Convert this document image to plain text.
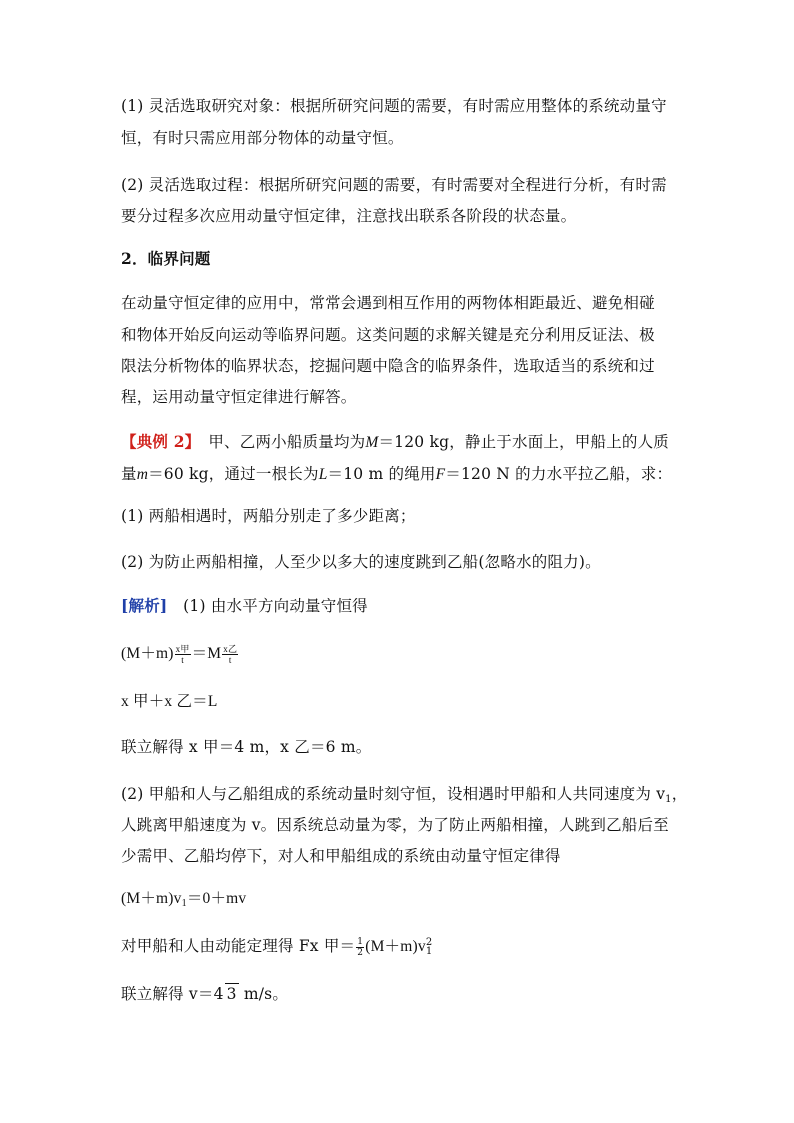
(1) 灵活选取研究对象：根据所研究问题的需要，有时需应用整体的系统动量守
恒，有时只需应用部分物体的动量守恒。
(2) 灵活选取过程：根据所研究问题的需要，有时需要对全程进行分析，有时需
要分过程多次应用动量守恒定律，注意找出联系各阶段的状态量。
2．临界问题
在动量守恒定律的应用中，常常会遇到相互作用的两物体相距最近、避免相碰
和物体开始反向运动等临界问题。这类问题的求解关键是充分利用反证法、极
限法分析物体的临界状态，挖掘问题中隐含的临界条件，选取适当的系统和过
程，运用动量守恒定律进行解答。
【典例 2】　甲、乙两小船质量均为M＝120 kg，静止于水面上，甲船上的人质
量m＝60 kg，通过一根长为L＝10 m 的绳用F＝120 N 的力水平拉乙船，求：
(1) 两船相遇时，两船分别走了多少距离；
(2) 为防止两船相撞，人至少以多大的速度跳到乙船(忽略水的阻力)。
[解析]　(1) 由水平方向动量守恒得
$(M+m) \frac{\text{x甲}}{t} =M \frac{\text{x乙}}{t}$
x 甲＋x 乙＝L
联立解得 x 甲＝4 m，x 乙＝6 m。
(2) 甲船和人与乙船组成的系统动量时刻守恒，设相遇时甲船和人共同速度为 $v_1$，
人跳离甲船速度为 v。因系统总动量为零，为了防止两船相撞，人跳到乙船后至
少需甲、乙船均停下，对人和甲船组成的系统由动量守恒定律得
$(M+m)v_1=0+mv$
对甲船和人由动能定理得 Fx 甲＝ $\frac{1}{2} (M+m)v$ 2
1
联立解得 v＝4 3 m/s。
